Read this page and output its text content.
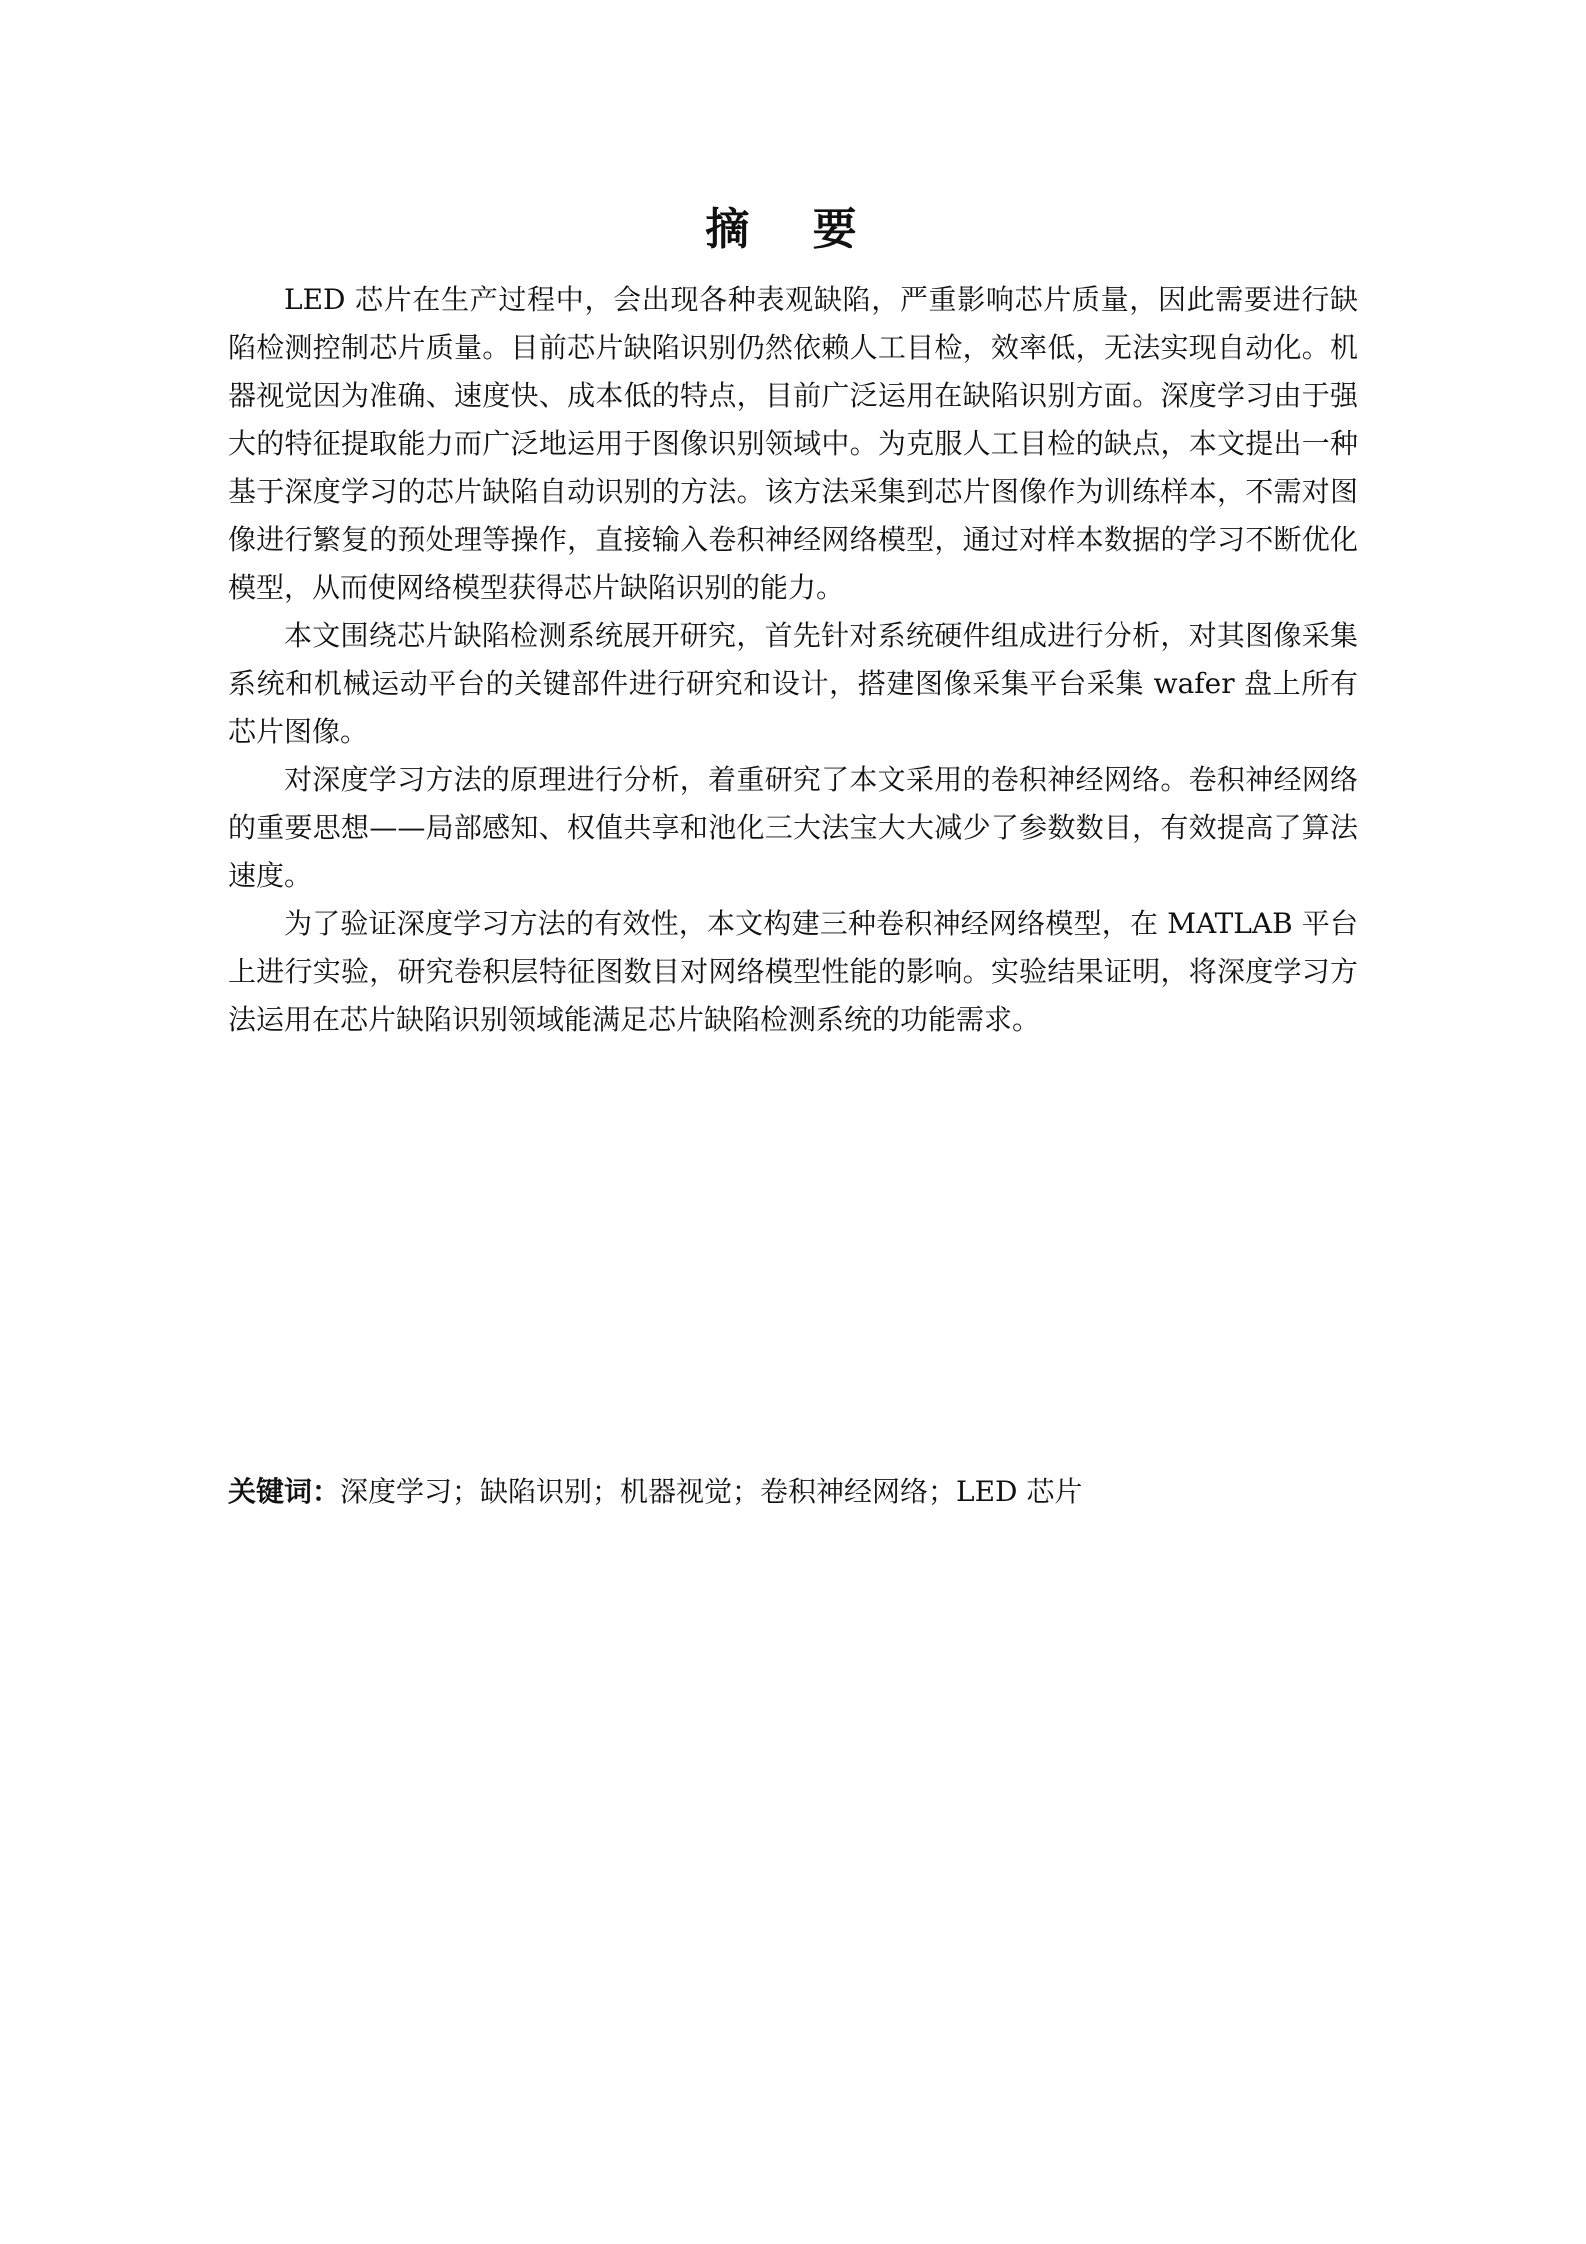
摘 要

LED 芯片在生产过程中，会出现各种表观缺陷，严重影响芯片质量，因此需要进行缺陷检测控制芯片质量。目前芯片缺陷识别仍然依赖人工目检，效率低，无法实现自动化。机器视觉因为准确、速度快、成本低的特点，目前广泛运用在缺陷识别方面。深度学习由于强大的特征提取能力而广泛地运用于图像识别领域中。为克服人工目检的缺点，本文提出一种基于深度学习的芯片缺陷自动识别的方法。该方法采集到芯片图像作为训练样本，不需对图像进行繁复的预处理等操作，直接输入卷积神经网络模型，通过对样本数据的学习不断优化模型，从而使网络模型获得芯片缺陷识别的能力。

本文围绕芯片缺陷检测系统展开研究，首先针对系统硬件组成进行分析，对其图像采集系统和机械运动平台的关键部件进行研究和设计，搭建图像采集平台采集 wafer 盘上所有芯片图像。

对深度学习方法的原理进行分析，着重研究了本文采用的卷积神经网络。卷积神经网络的重要思想——局部感知、权值共享和池化三大法宝大大减少了参数数目，有效提高了算法速度。

为了验证深度学习方法的有效性，本文构建三种卷积神经网络模型，在 MATLAB 平台上进行实验，研究卷积层特征图数目对网络模型性能的影响。实验结果证明，将深度学习方法运用在芯片缺陷识别领域能满足芯片缺陷检测系统的功能需求。

关键词：深度学习；缺陷识别；机器视觉；卷积神经网络；LED 芯片
